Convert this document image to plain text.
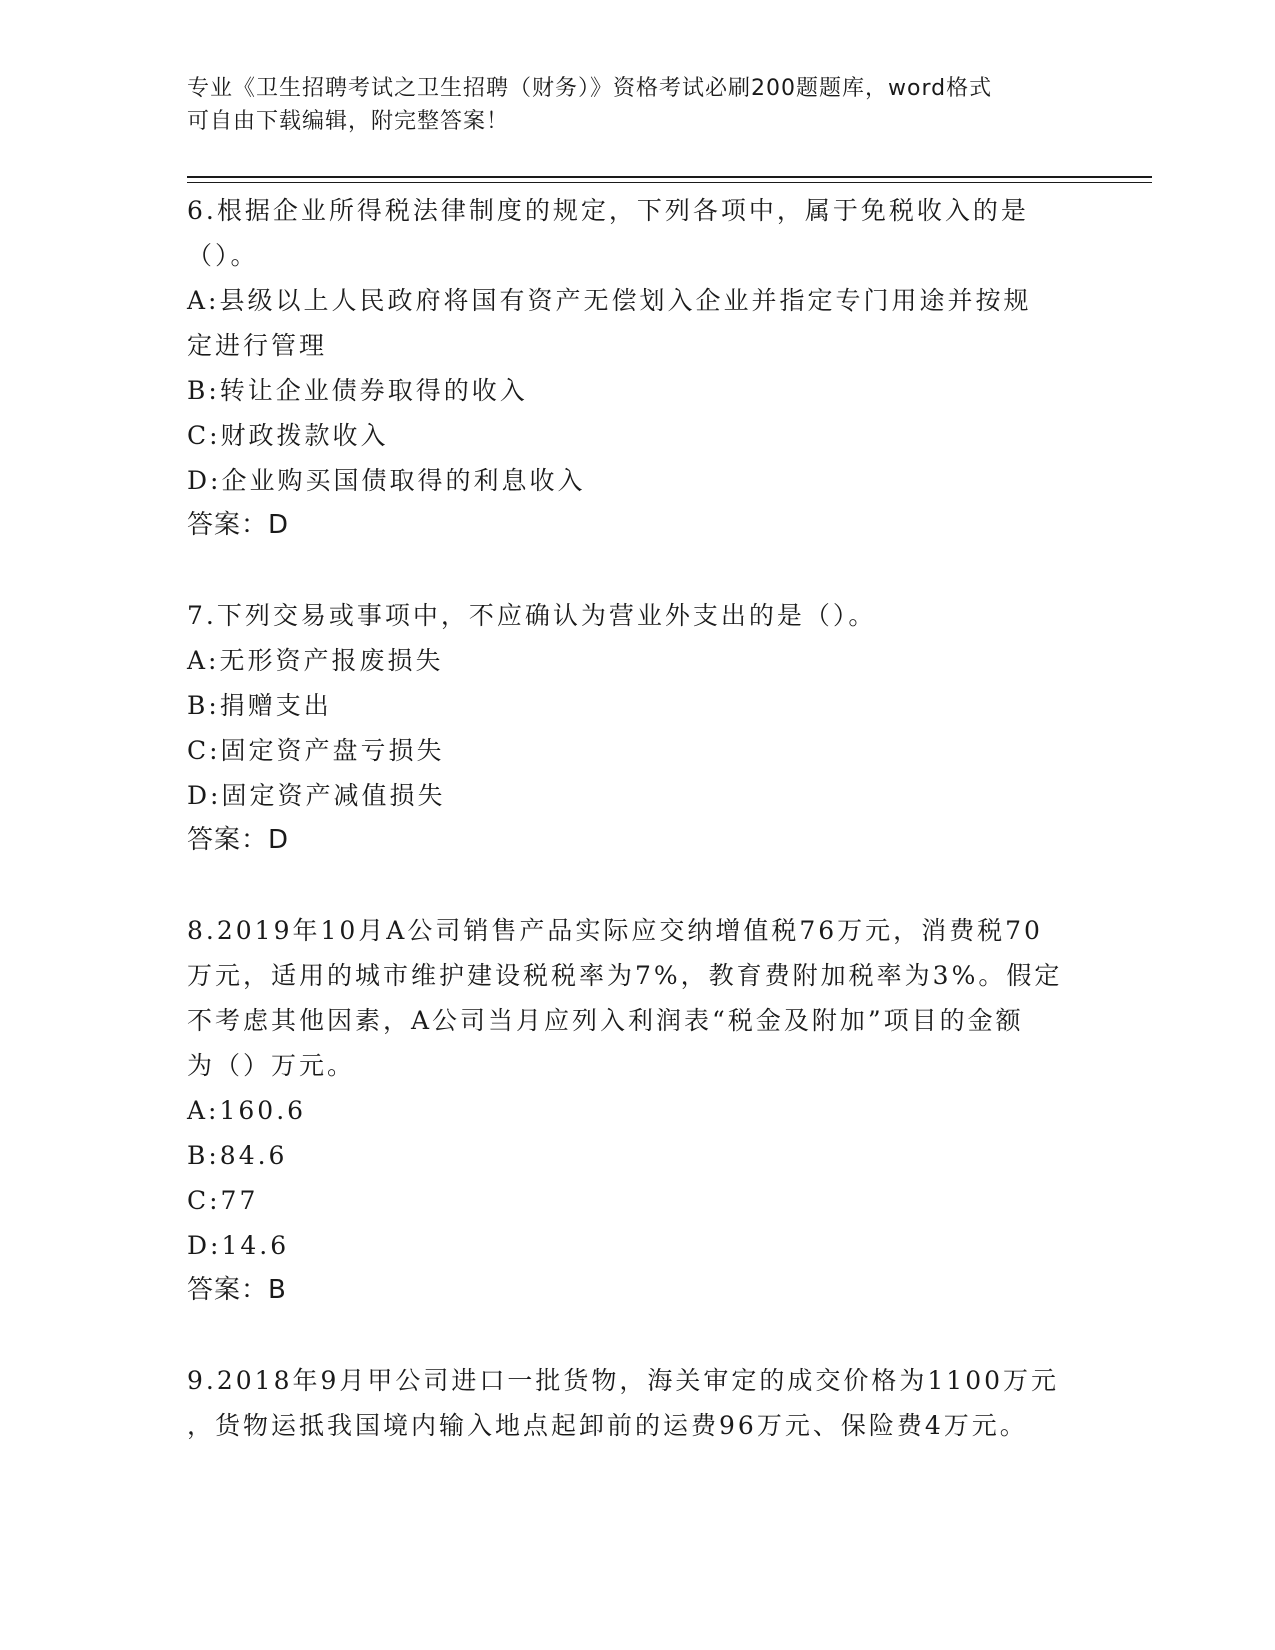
专业《卫生招聘考试之卫生招聘（财务）》资格考试必刷200题题库，word格式
可自由下载编辑，附完整答案！
6.根据企业所得税法律制度的规定，下列各项中，属于免税收入的是
（）。
A:县级以上人民政府将国有资产无偿划入企业并指定专门用途并按规
定进行管理
B:转让企业债券取得的收入
C:财政拨款收入
D:企业购买国债取得的利息收入
答案：D
7.下列交易或事项中，不应确认为营业外支出的是（）。
A:无形资产报废损失
B:捐赠支出
C:固定资产盘亏损失
D:固定资产减值损失
答案：D
8.2019年10月A公司销售产品实际应交纳增值税76万元，消费税70
万元，适用的城市维护建设税税率为7%，教育费附加税率为3%。假定
不考虑其他因素，A公司当月应列入利润表“税金及附加”项目的金额
为（）万元。
A:160.6
B:84.6
C:77
D:14.6
答案：B
9.2018年9月甲公司进口一批货物，海关审定的成交价格为1100万元
，货物运抵我国境内输入地点起卸前的运费96万元、保险费4万元。
